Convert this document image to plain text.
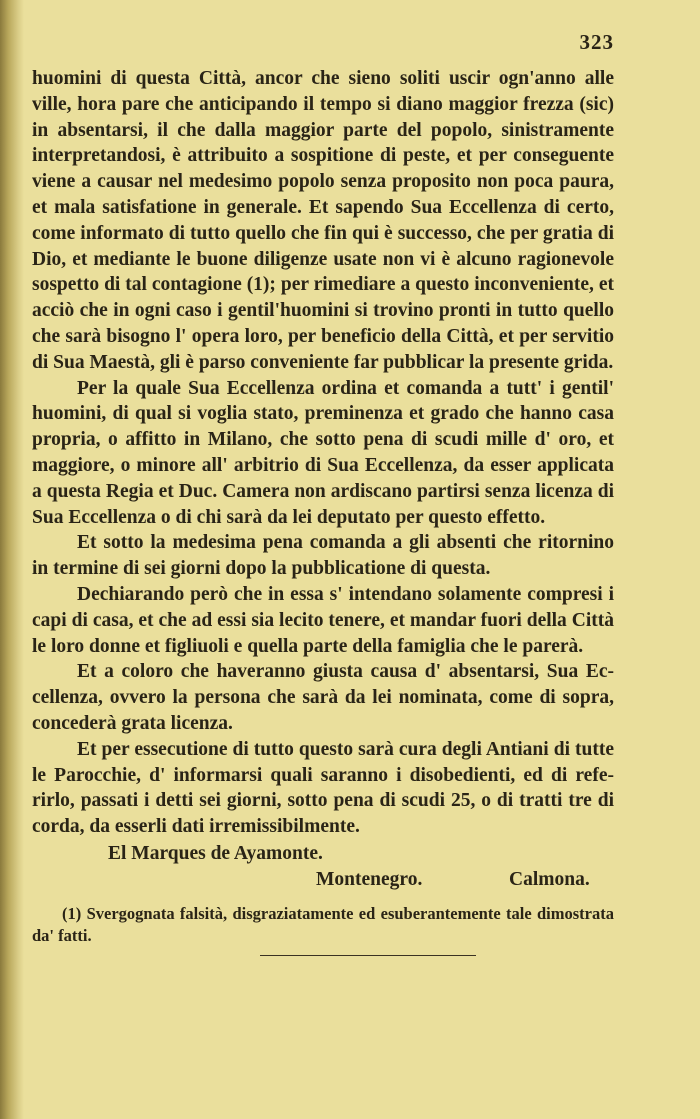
323

huomini di questa Città, ancor che sieno soliti uscir ogn'anno alle ville, hora pare che anticipando il tempo si diano maggior frezza (sic) in absentarsi, il che dalla maggior parte del popolo, sinistramente interpretandosi, è attribuito a sospitione di peste, et per conseguente viene a causar nel medesimo popolo senza proposito non poca paura, et mala satisfatione in generale. Et sapendo Sua Eccellenza di certo, come informato di tutto quello che fin qui è successo, che per gratia di Dio, et mediante le buone diligenze usate non vi è alcuno ragionevole sospetto di tal contagione (1); per rimediare a questo inconveniente, et acciò che in ogni caso i gentil'huomini si trovino pronti in tutto quello che sarà bisogno l' opera loro, per beneficio della Città, et per servitio di Sua Maestà, gli è parso conveniente far pubblicar la presente grida.

Per la quale Sua Eccellenza ordina et comanda a tutt' i gentil' huomini, di qual si voglia stato, preminenza et grado che hanno casa propria, o affitto in Milano, che sotto pena di scudi mille d' oro, et maggiore, o minore all' arbitrio di Sua Eccellenza, da esser applicata a questa Regia et Duc. Camera non ardiscano partirsi senza licenza di Sua Eccellenza o di chi sarà da lei deputato per questo effetto.

Et sotto la medesima pena comanda a gli absenti che ritornino in termine di sei giorni dopo la pubblicatione di questa.

Dechiarando però che in essa s' intendano solamente compresi i capi di casa, et che ad essi sia lecito tenere, et mandar fuori della Città le loro donne et figliuoli e quella parte della famiglia che le parerà.

Et a coloro che haveranno giusta causa d' absentarsi, Sua Eccellenza, ovvero la persona che sarà da lei nominata, come di sopra, concederà grata licenza.

Et per essecutione di tutto questo sarà cura degli Antiani di tutte le Parocchie, d' informarsi quali saranno i disobedienti, ed di referirlo, passati i detti sei giorni, sotto pena di scudi 25, o di tratti tre di corda, da esserli dati irremissibilmente.

El Marques de Ayamonte.
Montenegro.	Calmona.
(1) Svergognata falsità, disgraziatamente ed esuberantemente tale dimostrata da' fatti.
